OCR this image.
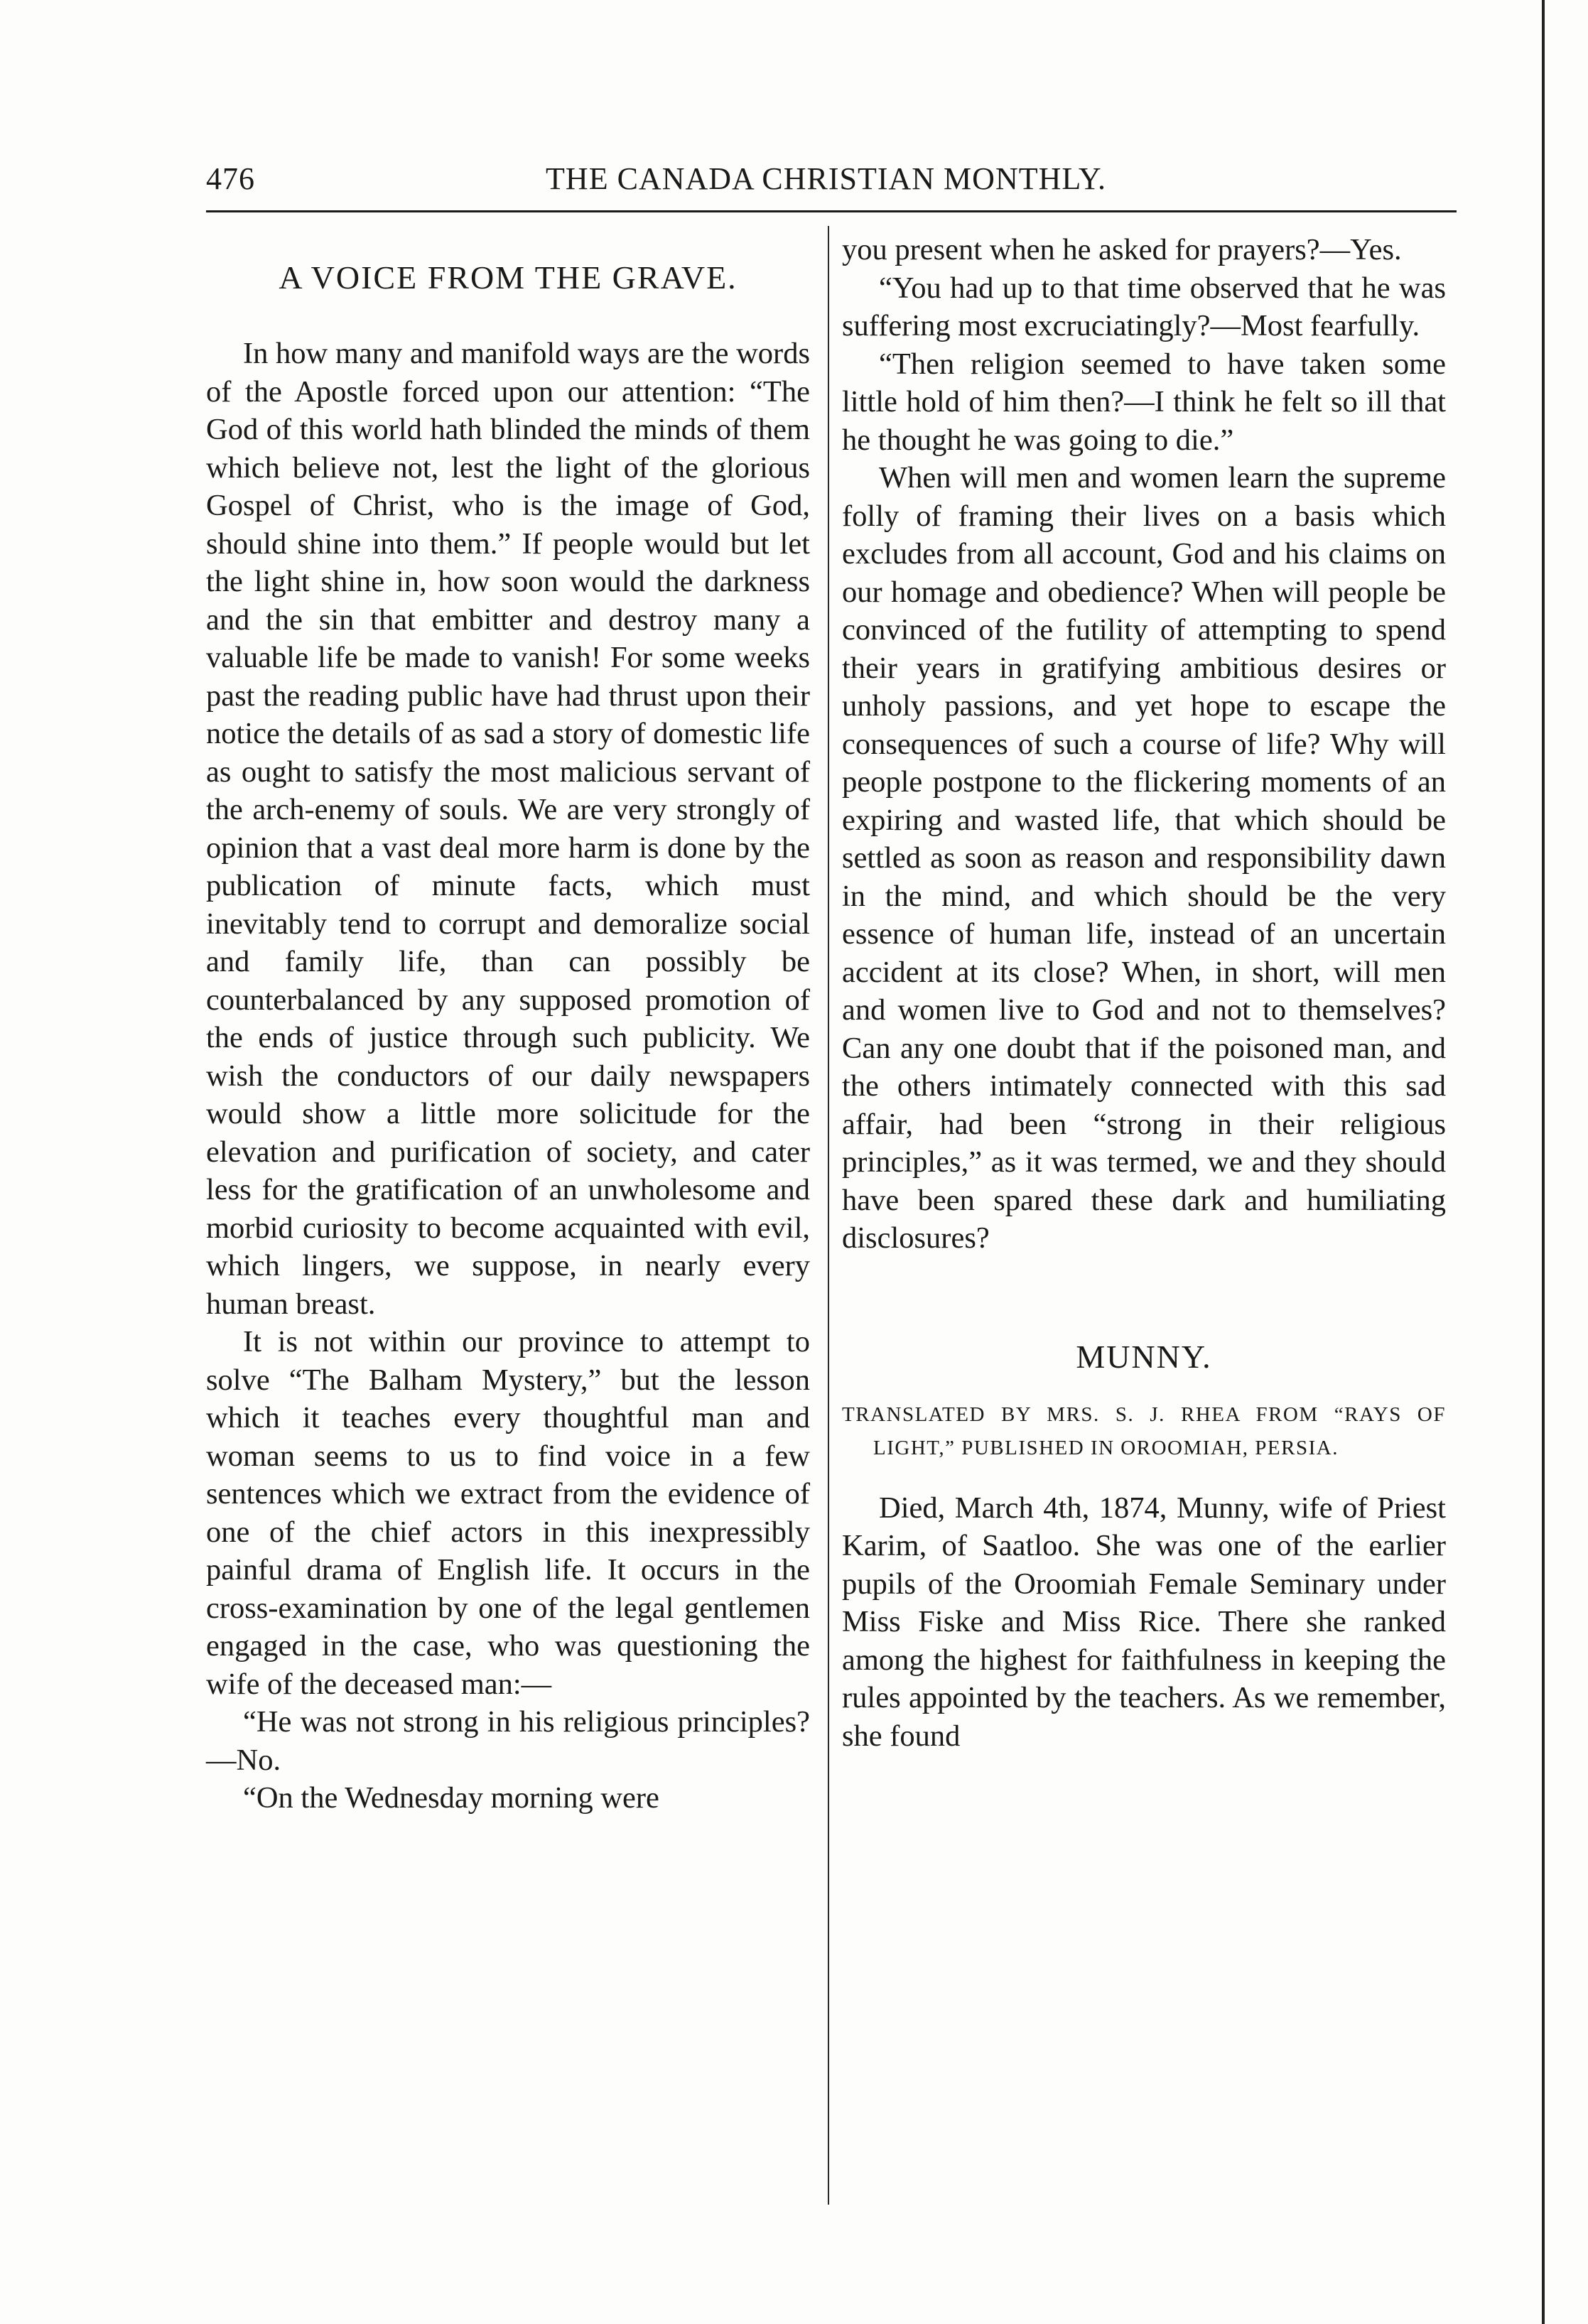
476	THE CANADA CHRISTIAN MONTHLY.
A VOICE FROM THE GRAVE.

In how many and manifold ways are the words of the Apostle forced upon our attention: “The God of this world hath blinded the minds of them which believe not, lest the light of the glorious Gospel of Christ, who is the image of God, should shine into them.” If people would but let the light shine in, how soon would the darkness and the sin that embitter and destroy many a valuable life be made to vanish! For some weeks past the reading public have had thrust upon their notice the details of as sad a story of domestic life as ought to satisfy the most malicious servant of the arch-enemy of souls. We are very strongly of opinion that a vast deal more harm is done by the publication of minute facts, which must inevitably tend to corrupt and demoralize social and family life, than can possibly be counterbalanced by any supposed promotion of the ends of justice through such publicity. We wish the conductors of our daily newspapers would show a little more solicitude for the elevation and purification of society, and cater less for the gratification of an unwholesome and morbid curiosity to become acquainted with evil, which lingers, we suppose, in nearly every human breast.

It is not within our province to attempt to solve “The Balham Mystery,” but the lesson which it teaches every thoughtful man and woman seems to us to find voice in a few sentences which we extract from the evidence of one of the chief actors in this inexpressibly painful drama of English life. It occurs in the cross-examination by one of the legal gentlemen engaged in the case, who was questioning the wife of the deceased man:—

“He was not strong in his religious principles?—No.

“On the Wednesday morning were

you present when he asked for prayers?—Yes.

“You had up to that time observed that he was suffering most excruciatingly?—Most fearfully.

“Then religion seemed to have taken some little hold of him then?—I think he felt so ill that he thought he was going to die.”

When will men and women learn the supreme folly of framing their lives on a basis which excludes from all account, God and his claims on our homage and obedience? When will people be convinced of the futility of attempting to spend their years in gratifying ambitious desires or unholy passions, and yet hope to escape the consequences of such a course of life? Why will people postpone to the flickering moments of an expiring and wasted life, that which should be settled as soon as reason and responsibility dawn in the mind, and which should be the very essence of human life, instead of an uncertain accident at its close? When, in short, will men and women live to God and not to themselves? Can any one doubt that if the poisoned man, and the others intimately connected with this sad affair, had been “strong in their religious principles,” as it was termed, we and they should have been spared these dark and humiliating disclosures?

MUNNY.
TRANSLATED BY MRS. S. J. RHEA FROM “RAYS OF LIGHT,” PUBLISHED IN OROOMIAH, PERSIA.

Died, March 4th, 1874, Munny, wife of Priest Karim, of Saatloo. She was one of the earlier pupils of the Oroomiah Female Seminary under Miss Fiske and Miss Rice. There she ranked among the highest for faithfulness in keeping the rules appointed by the teachers. As we remember, she found
